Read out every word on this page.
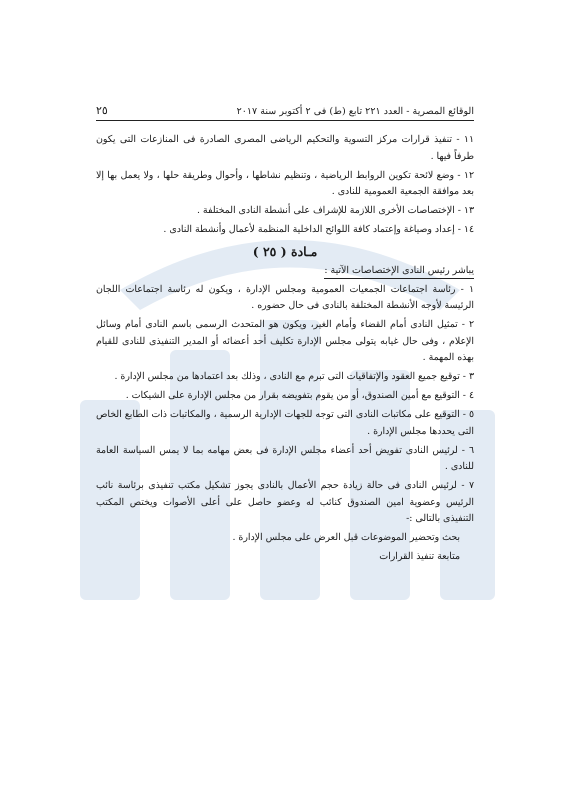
الوقائع المصرية - العدد ٢٢١ تابع (ط) فى ٢ أكتوبر سنة ٢٠١٧
٢٥

١١ - تنفيذ قرارات مركز التسوية والتحكيم الرياضى المصرى الصادرة فى المنازعات التى يكون طرفاً فيها .

١٢ - وضع لائحة تكوين الروابط الرياضية ، وتنظيم نشاطها ، وأحوال وطريقة حلها ، ولا يعمل بها إلا بعد موافقة الجمعية العمومية للنادى .

١٣ - الإختصاصات الأخرى اللازمة للإشراف على أنشطة النادى المختلفة .

١٤ - إعداد وصياغة وإعتماد كافة اللوائح الداخلية المنظمة لأعمال وأنشطة النادى .

مـادة ( ٢٥ )
يباشر رئيس النادى الإختصاصات الآتية :

١ - رئاسة اجتماعات الجمعيات العمومية ومجلس الإدارة ، ويكون له رئاسة اجتماعات اللجان الرئيسة لأوجه الأنشطة المختلفة بالنادى فى حال حضوره .

٢ - تمثيل النادى أمام القضاء وأمام الغير، ويكون هو المتحدث الرسمى باسم النادى أمام وسائل الإعلام ، وفى حال غيابه يتولى مجلس الإدارة تكليف أحد أعضائه أو المدير التنفيذى للنادى للقيام بهذه المهمة .

٣ - توقيع جميع العقود والإتفاقيات التى تبرم مع النادى ، وذلك بعد اعتمادها من مجلس الإدارة .

٤ - التوقيع مع أمين الصندوق، أو من يقوم بتفويضه بقرار من مجلس الإدارة على الشيكات .

٥ - التوقيع على مكاتبات النادى التى توجه للجهات الإدارية الرسمية ، والمكاتبات ذات الطابع الخاص التى يحددها مجلس الإدارة .

٦ - لرئيس النادى تفويض أحد أعضاء مجلس الإدارة فى بعض مهامه بما لا يمس السياسة العامة للنادى .

٧ - لرئيس النادى فى حالة زيادة حجم الأعمال بالنادى يجوز تشكيل مكتب تنفيذى برئاسة نائب الرئيس وعضوية امين الصندوق كنائب له وعضو حاصل على أعلى الأصوات ويختص المكتب التنفيذى بالتالى :-

بحث وتحضير الموضوعات قبل العرض على مجلس الإدارة .

متابعة تنفيذ القرارات
